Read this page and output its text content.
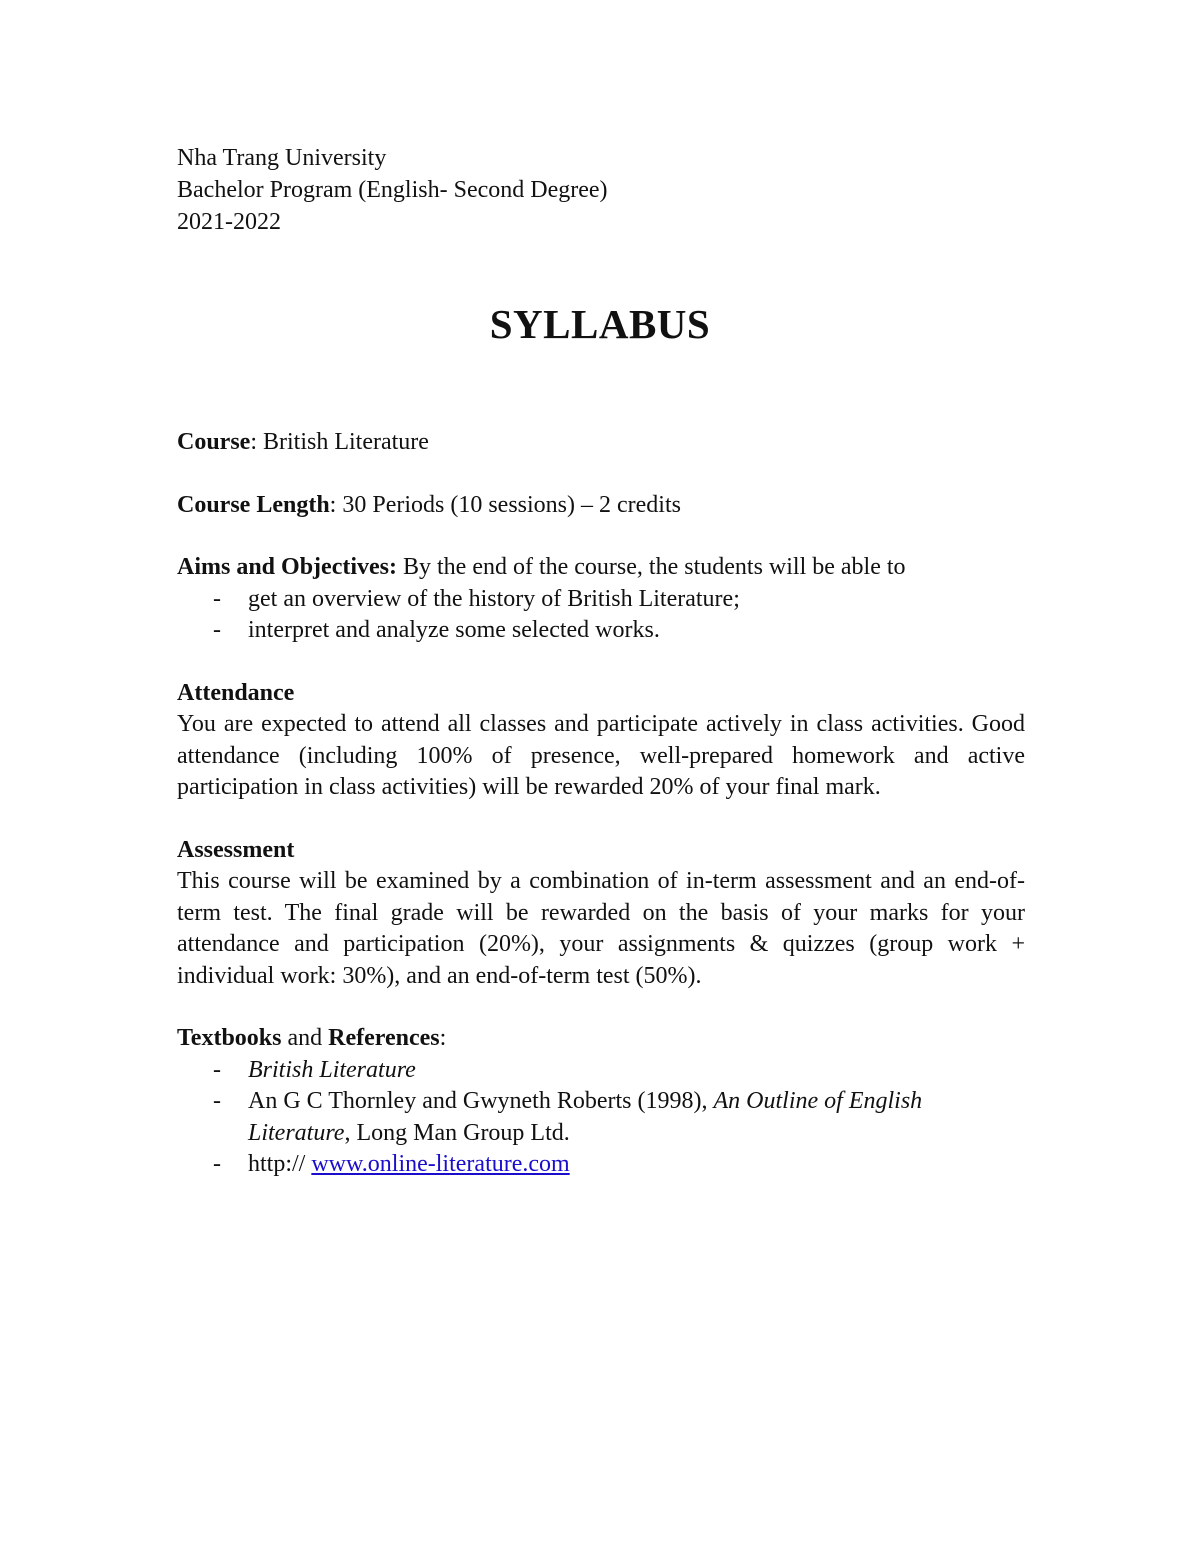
Nha Trang University
Bachelor Program (English- Second Degree)
2021-2022
SYLLABUS

Course: British Literature

Course Length: 30 Periods (10 sessions) – 2 credits

Aims and Objectives: By the end of the course, the students will be able to

- get an overview of the history of British Literature;
- interpret and analyze some selected works.

Attendance

You are expected to attend all classes and participate actively in class activities. Good attendance (including 100% of presence, well-prepared homework and active participation in class activities) will be rewarded 20% of your final mark.

Assessment

This course will be examined by a combination of in-term assessment and an end-of-term test. The final grade will be rewarded on the basis of your marks for your attendance and participation (20%), your assignments & quizzes (group work + individual work: 30%), and an end-of-term test (50%).

Textbooks and References:

- British Literature
- An G C Thornley and Gwyneth Roberts (1998), An Outline of English Literature, Long Man Group Ltd.
- http:// www.online-literature.com
